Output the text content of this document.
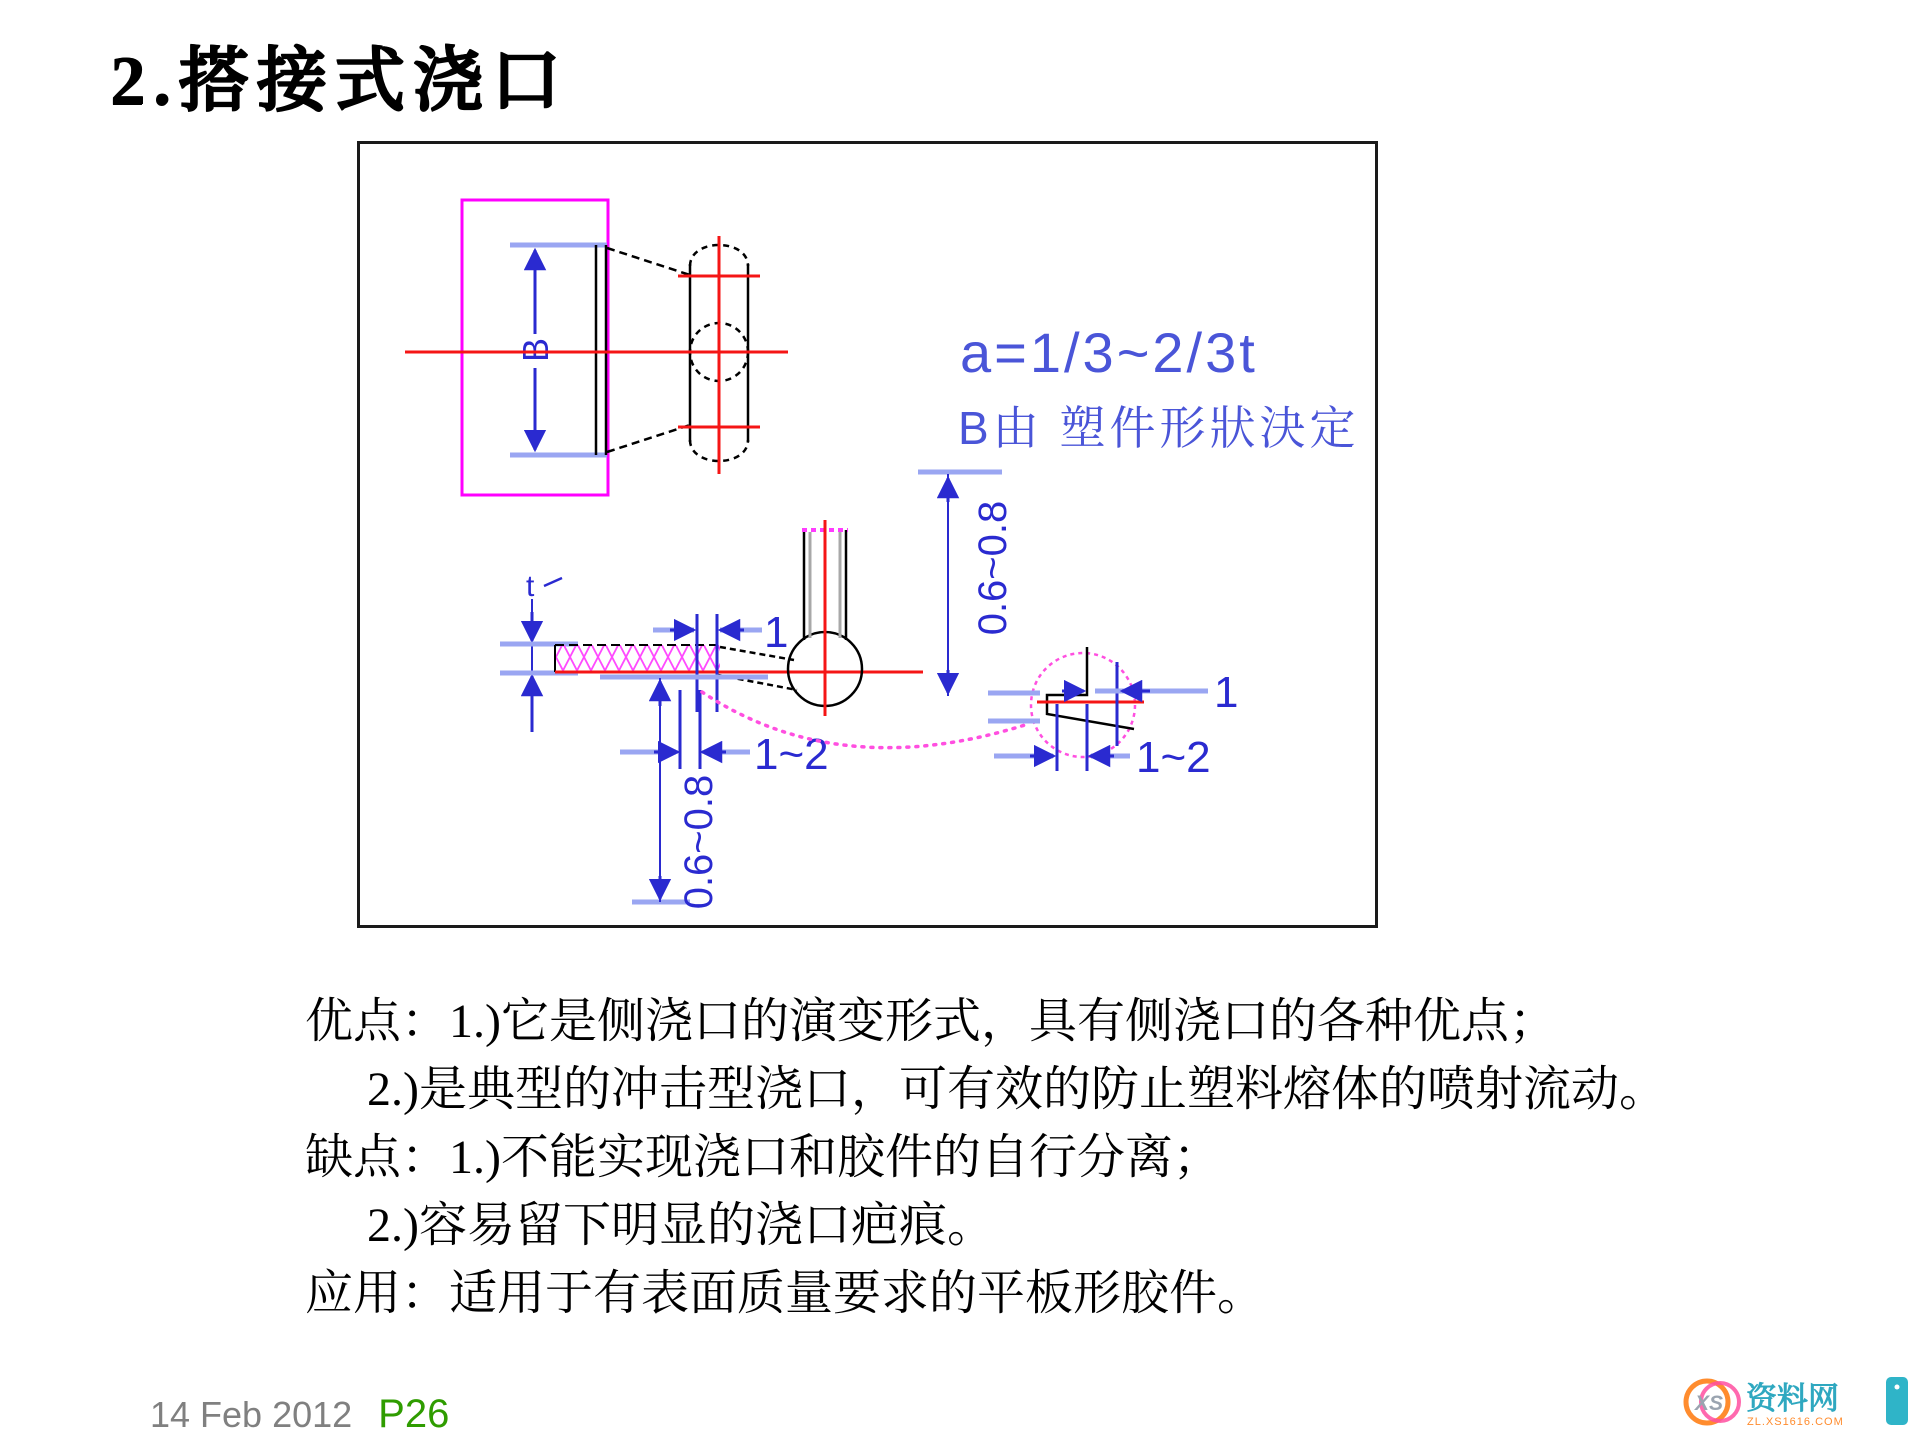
2.搭接式浇口
B	a=1/3~2/3t
B由 塑件形狀決定
t
1
1~2
0.6~0.8
0.6~0.8
1
1~2
优点：1.)它是侧浇口的演变形式，具有侧浇口的各种优点；
2.)是典型的冲击型浇口，可有效的防止塑料熔体的喷射流动。
缺点：1.)不能实现浇口和胶件的自行分离；
2.)容易留下明显的浇口疤痕。
应用：适用于有表面质量要求的平板形胶件。
14 Feb 2012 P26	XS 资料网
ZL.XS1616.COM
